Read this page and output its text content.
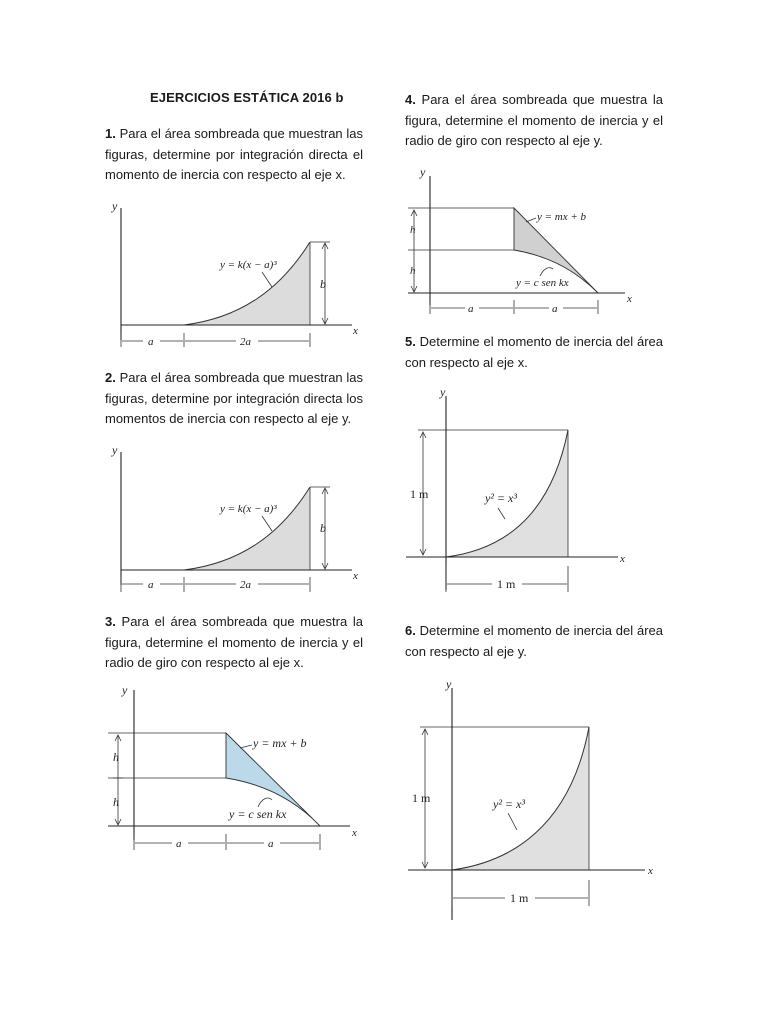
EJERCICIOS ESTÁTICA 2016 b
1. Para el área sombreada que muestran las figuras, determine por integración directa el momento de inercia con respecto al eje x.
y
x
y = k(x − a)³
b
a	2a
2. Para el área sombreada que muestran las figuras, determine por integración directa los momentos de inercia con respecto al eje y.
y
x
y = k(x − a)³
b
a	2a
3. Para el área sombreada que muestra la figura, determine el momento de inercia y el radio de giro con respecto al eje x.
y
x
h
h
y = mx + b
y = c sen kx
a	a
4. Para el área sombreada que muestra la figura, determine el momento de inercia y el radio de giro con respecto al eje y.
y
x
h
h
y = mx + b
y = c sen kx
a	a
5. Determine el momento de inercia del área con respecto al eje x.
y
x
1 m	y² = x³
1 m
6. Determine el momento de inercia del área con respecto al eje y.
y
x
1 m	y² = x³
1 m
